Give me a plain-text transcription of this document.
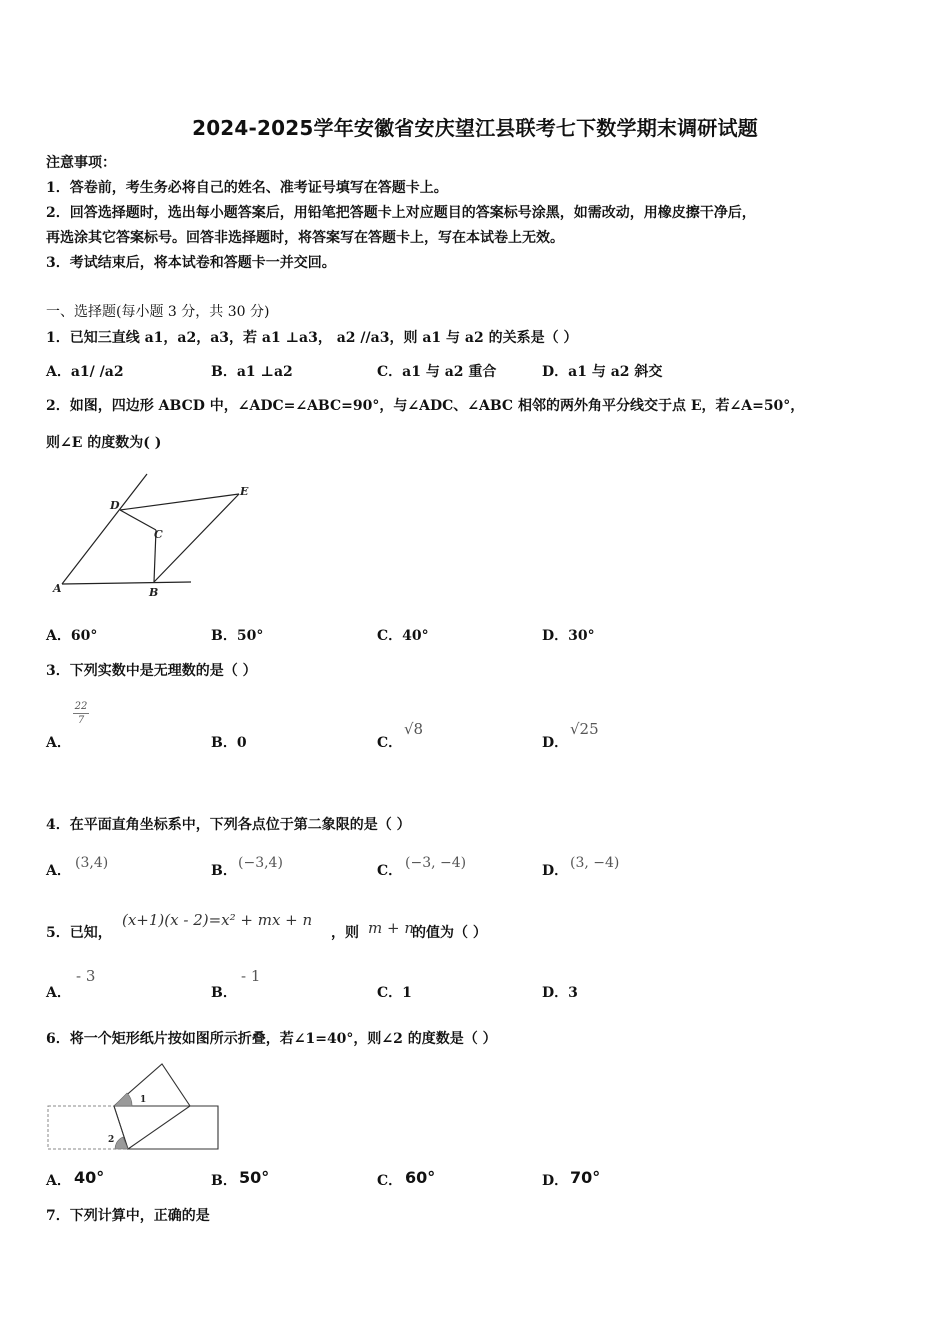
2024-2025学年安徽省安庆望江县联考七下数学期末调研试题
注意事项：
1．答卷前，考生务必将自己的姓名、准考证号填写在答题卡上。
2．回答选择题时，选出每小题答案后，用铅笔把答题卡上对应题目的答案标号涂黑，如需改动，用橡皮擦干净后，
再选涂其它答案标号。回答非选择题时，将答案写在答题卡上，写在本试卷上无效。
3．考试结束后，将本试卷和答题卡一并交回。
一、选择题(每小题 3 分，共 30 分)
1．已知三直线 a1，a2，a3，若 a1 ⊥a3， a2 //a3，则 a1 与 a2 的关系是（ ）
A．a1/ /a2	B．a1 ⊥a2	C．a1 与 a2 重合	D．a1 与 a2 斜交
2．如图，四边形 ABCD 中，∠ADC=∠ABC=90°，与∠ADC、∠ABC 相邻的两外角平分线交于点 E，若∠A=50°，
则∠E 的度数为( )
D
E
C
A	B
A．60°	B．50°	C．40°	D．30°
3．下列实数中是无理数的是（ ）
A．
22
7
B．0	C．
√8
D．
√25
4．在平面直角坐标系中，下列各点位于第二象限的是（ ）
A． (3,4)	B． (−3,4)	C． (−3, −4)	D． (3, −4)
5．已知，
(x+1)(x - 2)=x² + mx + n
，则 m + n
的值为（ ）
A．
- 3
B．
- 1
C．1	D．3
6．将一个矩形纸片按如图所示折叠，若∠1=40°，则∠2 的度数是（ ）
1
2
A． 40°	B． 50°	C． 60°	D． 70°
7．下列计算中，正确的是
